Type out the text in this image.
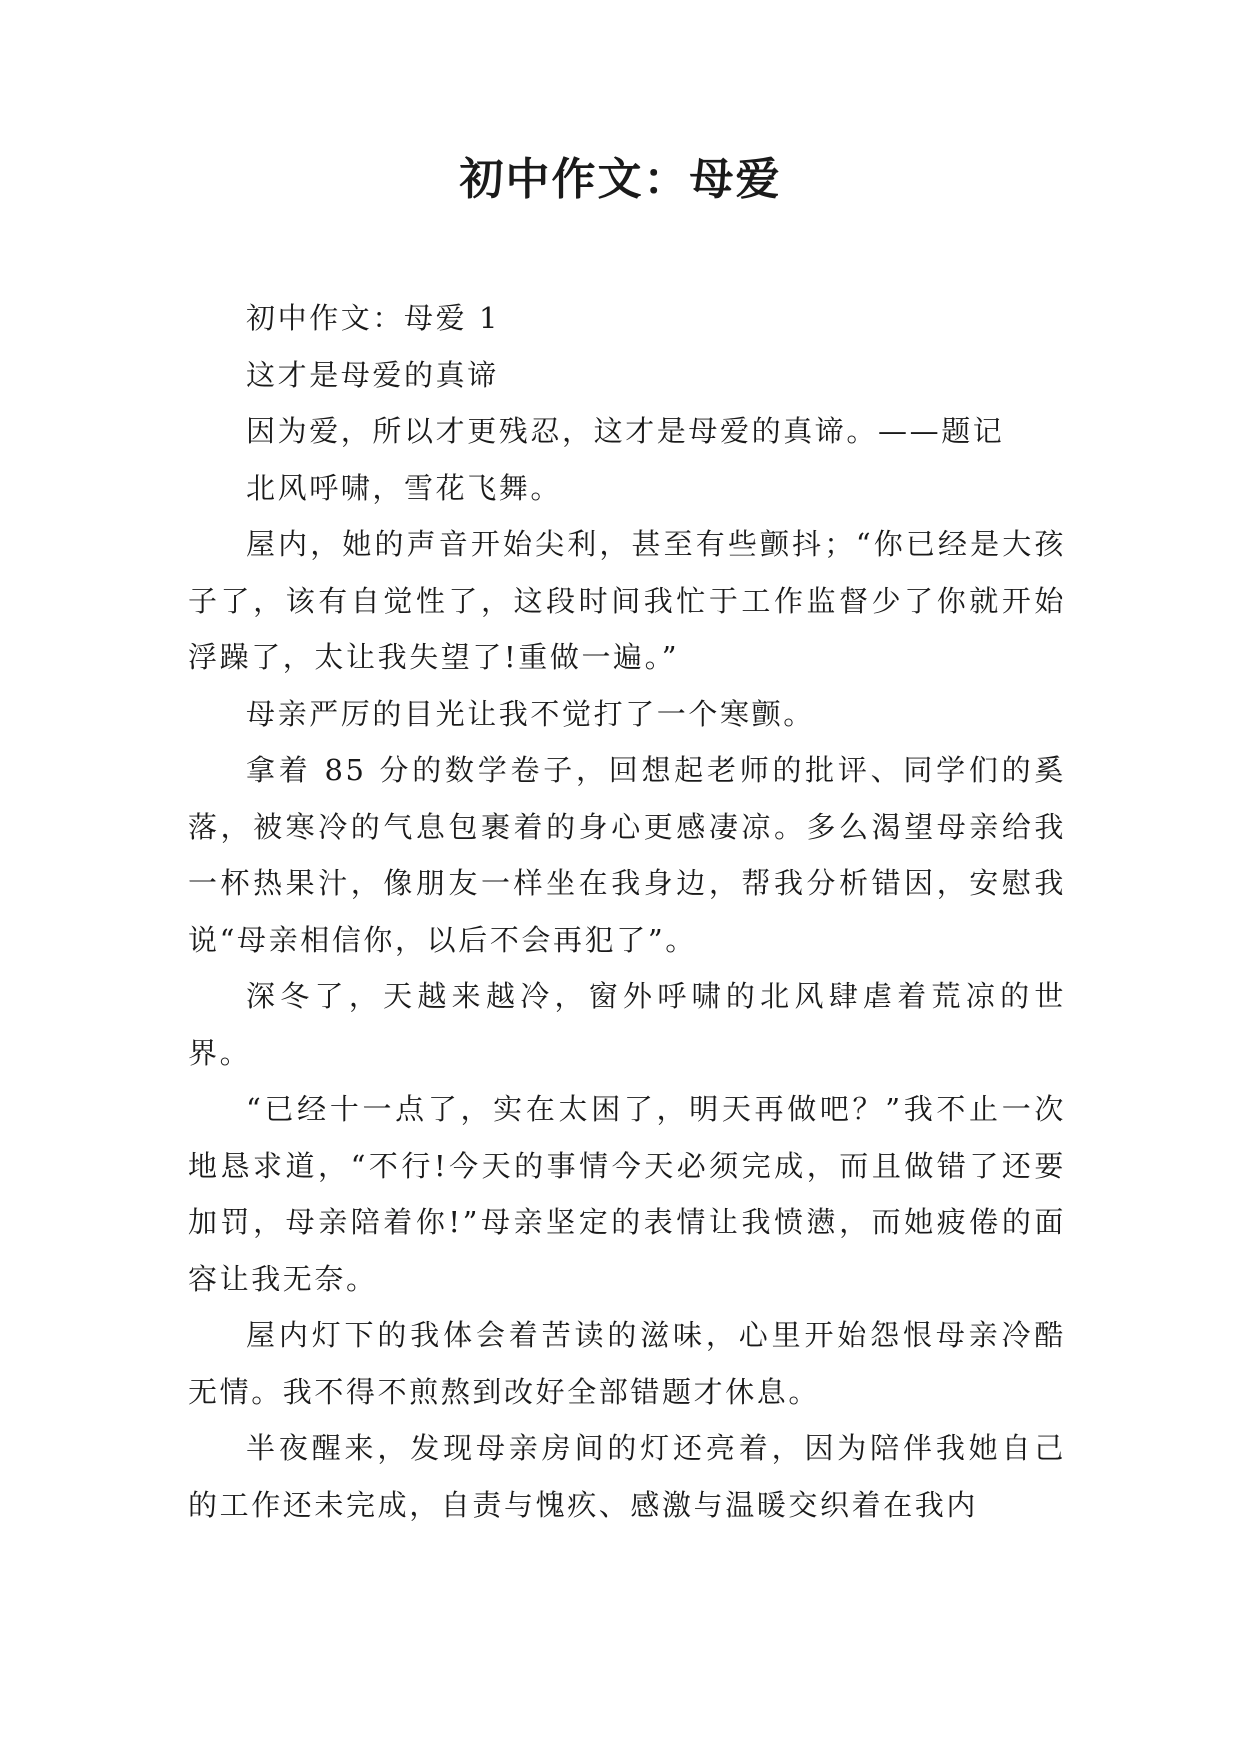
初中作文：母爱

初中作文：母爱 1

这才是母爱的真谛

因为爱，所以才更残忍，这才是母爱的真谛。——题记

北风呼啸，雪花飞舞。

屋内，她的声音开始尖利，甚至有些颤抖；“你已经是大孩子了，该有自觉性了，这段时间我忙于工作监督少了你就开始浮躁了，太让我失望了!重做一遍。”

母亲严厉的目光让我不觉打了一个寒颤。

拿着 85 分的数学卷子，回想起老师的批评、同学们的奚落，被寒冷的气息包裹着的身心更感凄凉。多么渴望母亲给我一杯热果汁，像朋友一样坐在我身边，帮我分析错因，安慰我说“母亲相信你，以后不会再犯了”。

深冬了，天越来越冷，窗外呼啸的北风肆虐着荒凉的世界。

“已经十一点了，实在太困了，明天再做吧？”我不止一次地恳求道，“不行!今天的事情今天必须完成，而且做错了还要加罚，母亲陪着你!”母亲坚定的表情让我愤懑，而她疲倦的面容让我无奈。

屋内灯下的我体会着苦读的滋味，心里开始怨恨母亲冷酷无情。我不得不煎熬到改好全部错题才休息。

半夜醒来，发现母亲房间的灯还亮着，因为陪伴我她自己的工作还未完成，自责与愧疚、感激与温暖交织着在我内
